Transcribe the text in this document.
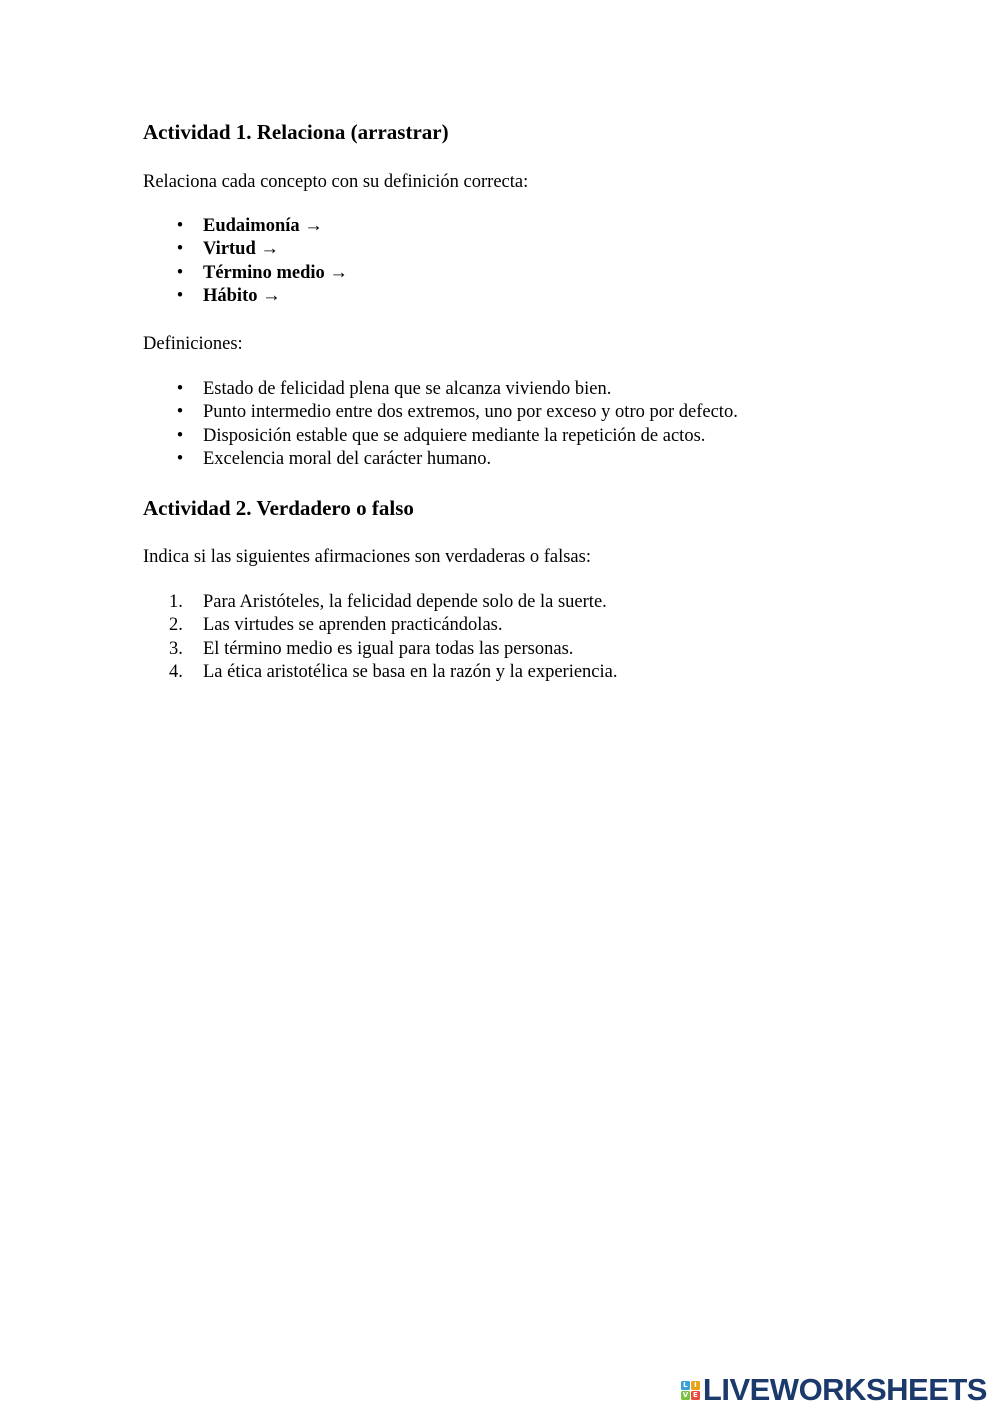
Actividad 1. Relaciona (arrastrar)

Relaciona cada concepto con su definición correcta:

• Eudaimonía →
• Virtud →
• Término medio →
• Hábito →

Definiciones:

• Estado de felicidad plena que se alcanza viviendo bien.
• Punto intermedio entre dos extremos, uno por exceso y otro por defecto.
• Disposición estable que se adquiere mediante la repetición de actos.
• Excelencia moral del carácter humano.
Actividad 2. Verdadero o falso

Indica si las siguientes afirmaciones son verdaderas o falsas:

1.	Para Aristóteles, la felicidad depende solo de la suerte.
2.	Las virtudes se aprenden practicándolas.
3.	El término medio es igual para todas las personas.
4.	La ética aristotélica se basa en la razón y la experiencia.
L I
V E LIVEWORKSHEETS
